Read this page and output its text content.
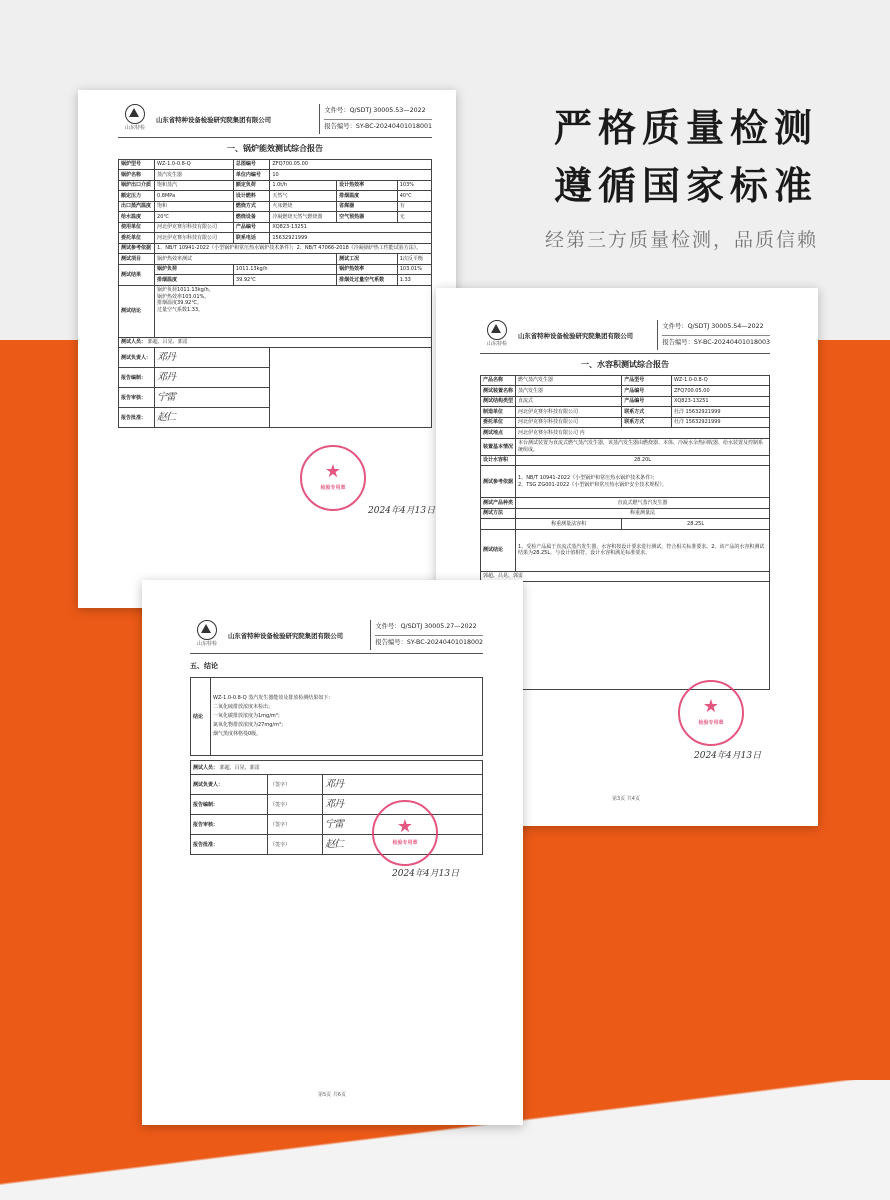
严格质量检测
遵循国家标准
经第三方质量检测，品质信赖
山东特检
山东省特种设备检验研究院集团有限公司
文件号：Q/SDTJ 30005.53—2022
报告编号：SY-BC-20240401018001
一、锅炉能效测试综合报告
锅炉型号	WZ-1.0-0.8-Q	总图编号	ZFQ700.05.00		
锅炉名称	蒸汽发生器	单位内编号	10		
锅炉出口介质	饱和蒸汽	额定负荷	1.0t/h	设计热效率	103%
额定压力	0.8MPa	设计燃料	天然气	排烟温度	40℃
出口蒸汽温度	饱和	燃烧方式	火床燃烧	省煤器	有
给水温度	20℃	燃烧设备	冷凝燃烧天然气燃烧器	空气预热器	无
使用单位	河北伊克赛尔科技有限公司	产品编号	XQ823-13251		
委托单位	河北伊克赛尔科技有限公司	联系电话	15632921999		
测试参考依据	1、NB/T 10941-2022《小型锅炉和常压热水锅炉技术条件》；2、NB/T 47066-2018《冷凝锅炉热工性能试验方法》。				
测试项目	锅炉热效率测试			测试工况	1次反平衡
测试结果	锅炉负荷	1011.13kg/h		锅炉热效率	103.01%
	排烟温度	39.92℃		排烟处过量空气系数	1.33
测试结论	锅炉负荷1011.13kg/h。
锅炉热效率103.01%。
排烟温度39.92℃。
过量空气系数1.33。				

测试人员： 郭超、吕晃、郭雷					
测试负责人：	邓丹				
报告编制：	邓丹				
报告审核：	宁雷				
报告批准：	赵仁				
★
检验专用章
2024年4月13日
山东特检
山东省特种设备检验研究院集团有限公司
文件号：Q/SDTJ 30005.54—2022
报告编号：SY-BC-20240401018003
一、水容积测试综合报告
产品名称	燃气蒸汽发生器	产品型号	WZ-1.0-0.8-Q
测试装置名称	蒸汽发生器	产品编号	ZFQ700.05.00
测试结构类型	直流式	产品编号	XQ823-13251
制造单位	河北伊克赛尔科技有限公司	联系方式	杜洋 15632921999
委托单位	河北伊克赛尔科技有限公司	联系方式	杜洋 15632921999
测试地点	河北伊克赛尔科技有限公司 内		
装置基本情况	本台测试装置为直流式燃气蒸汽发生器，该蒸汽发生器由燃烧器、本体、冷凝水余热回收器、给水装置及控制系统组成。		
设计水容积	28.20L		
测试参考依据	1、NB/T 10941-2022《小型锅炉和常压热水锅炉技术条件》；
2、TSG ZG001-2022《小型锅炉和常压热水锅炉安全技术规程》。		

测试产品种类	直流式燃气蒸汽发生器		
测试方法	称重测量法		
	称重测量法容积	28.25L	
测试结论	1、受检产品属于直流式蒸汽发生器，水容积按设计要求进行测试，符合相关标准要求。2、该产品的水容积测试结果为28.25L，与设计值相符，设计水容积满足标准要求。		
郭超、吕晃、郭雷			

★
检验专用章
2024年4月13日
第3页 共4页
山东特检
山东省特种设备检验研究院集团有限公司
文件号：Q/SDTJ 30005.27—2022
报告编号：SY-BC-20240401018002
五、结论
结论	
WZ-1.0-0.8-Q 蒸汽发生器能效及排放检测结果如下：
二氧化硫排放浓度未检出；
一氧化碳排放浓度为1mg/m³；
氮氧化物排放浓度为27mg/m³；
烟气黑度林格曼0级。
测试人员： 郭超、吕晃、郭雷		
测试负责人：	（签字）	邓丹
报告编制：	（签字）	邓丹
报告审核：	（签字）	宁雷
报告批准：	（签字）	赵仁
★
检验专用章
2024年4月13日
第5页 共6页
